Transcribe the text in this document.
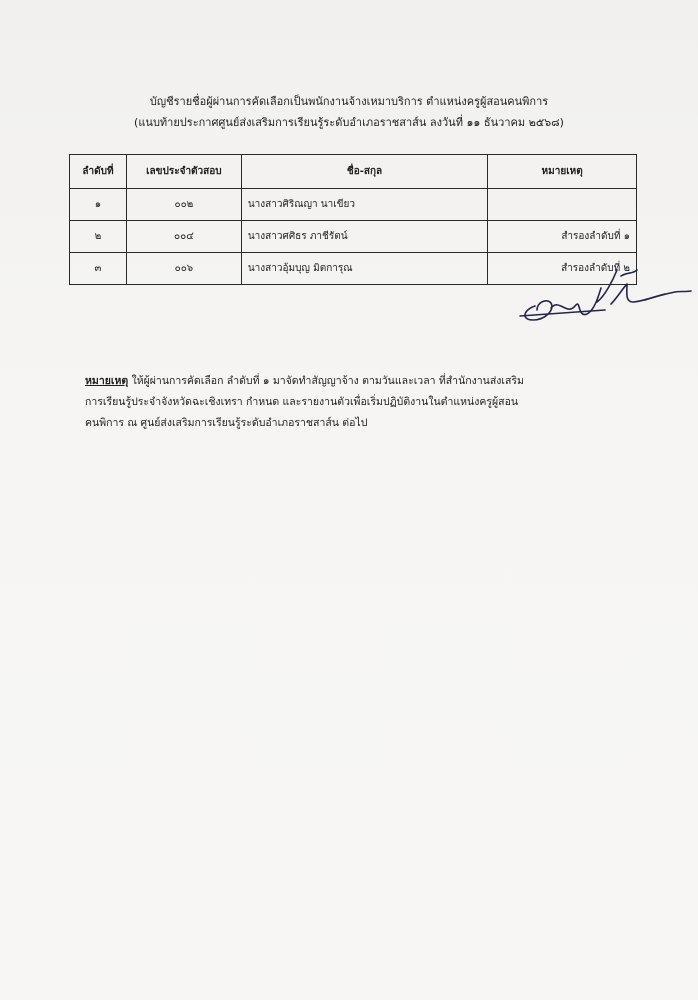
บัญชีรายชื่อผู้ผ่านการคัดเลือกเป็นพนักงานจ้างเหมาบริการ ตำแหน่งครูผู้สอนคนพิการ
(แนบท้ายประกาศศูนย์ส่งเสริมการเรียนรู้ระดับอำเภอราชสาส์น ลงวันที่ ๑๑ ธันวาคม ๒๕๖๘)
ลำดับที่	เลขประจำตัวสอบ	ชื่อ-สกุล	หมายเหตุ
๑	๐๐๒	นางสาวศิริณญา นาเขียว	
๒	๐๐๔	นางสาวศศิธร ภาชีรัตน์	สำรองลำดับที่ ๑
๓	๐๐๖	นางสาวอุ้มบุญ มิตการุณ	สำรองลำดับที่ ๒

หมายเหตุ ให้ผู้ผ่านการคัดเลือก ลำดับที่ ๑ มาจัดทำสัญญาจ้าง ตามวันและเวลา ที่สำนักงานส่งเสริม

การเรียนรู้ประจำจังหวัดฉะเชิงเทรา กำหนด และรายงานตัวเพื่อเริ่มปฏิบัติงานในตำแหน่งครูผู้สอน

คนพิการ ณ ศูนย์ส่งเสริมการเรียนรู้ระดับอำเภอราชสาส์น ต่อไป
